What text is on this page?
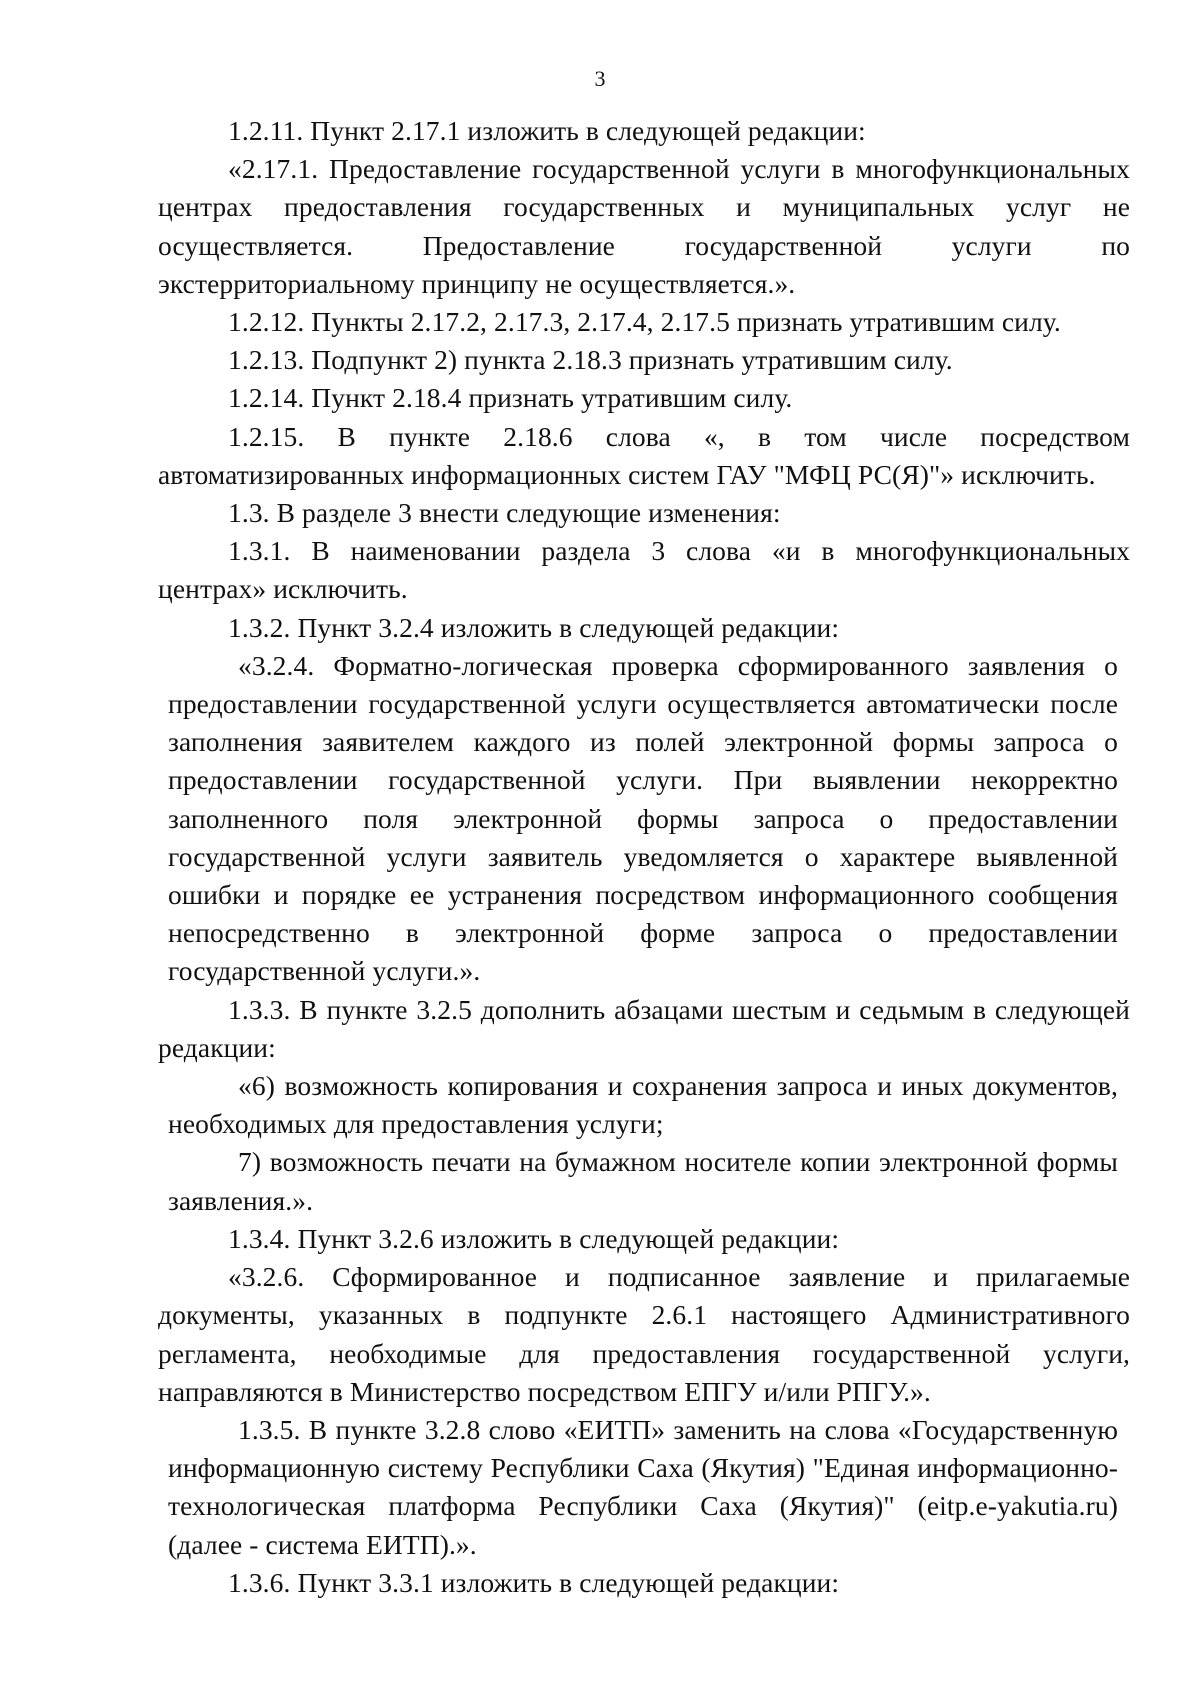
3

1.2.11. Пункт 2.17.1 изложить в следующей редакции:

«2.17.1. Предоставление государственной услуги в многофункциональных центрах предоставления государственных и муниципальных услуг не осуществляется. Предоставление государственной услуги по экстерриториальному принципу не осуществляется.».

1.2.12. Пункты 2.17.2, 2.17.3, 2.17.4, 2.17.5 признать утратившим силу.

1.2.13. Подпункт 2) пункта 2.18.3 признать утратившим силу.

1.2.14. Пункт 2.18.4 признать утратившим силу.

1.2.15. В пункте 2.18.6 слова «, в том числе посредством автоматизированных информационных систем ГАУ "МФЦ РС(Я)"» исключить.

1.3. В разделе 3 внести следующие изменения:

1.3.1. В наименовании раздела 3 слова «и в многофункциональных центрах» исключить.

1.3.2. Пункт 3.2.4 изложить в следующей редакции:

«3.2.4. Форматно-логическая проверка сформированного заявления о предоставлении государственной услуги осуществляется автоматически после заполнения заявителем каждого из полей электронной формы запроса о предоставлении государственной услуги. При выявлении некорректно заполненного поля электронной формы запроса о предоставлении государственной услуги заявитель уведомляется о характере выявленной ошибки и порядке ее устранения посредством информационного сообщения непосредственно в электронной форме запроса о предоставлении государственной услуги.».

1.3.3. В пункте 3.2.5 дополнить абзацами шестым и седьмым в следующей редакции:

«6) возможность копирования и сохранения запроса и иных документов, необходимых для предоставления услуги;

7) возможность печати на бумажном носителе копии электронной формы заявления.».

1.3.4. Пункт 3.2.6 изложить в следующей редакции:

«3.2.6. Сформированное и подписанное заявление и прилагаемые документы, указанных в подпункте 2.6.1 настоящего Административного регламента, необходимые для предоставления государственной услуги, направляются в Министерство посредством ЕПГУ и/или РПГУ.».

1.3.5. В пункте 3.2.8 слово «ЕИТП» заменить на слова «Государственную информационную систему Республики Саха (Якутия) "Единая информационно-технологическая платформа Республики Саха (Якутия)" (eitp.e-yakutia.ru) (далее - система ЕИТП).».

1.3.6. Пункт 3.3.1 изложить в следующей редакции:
